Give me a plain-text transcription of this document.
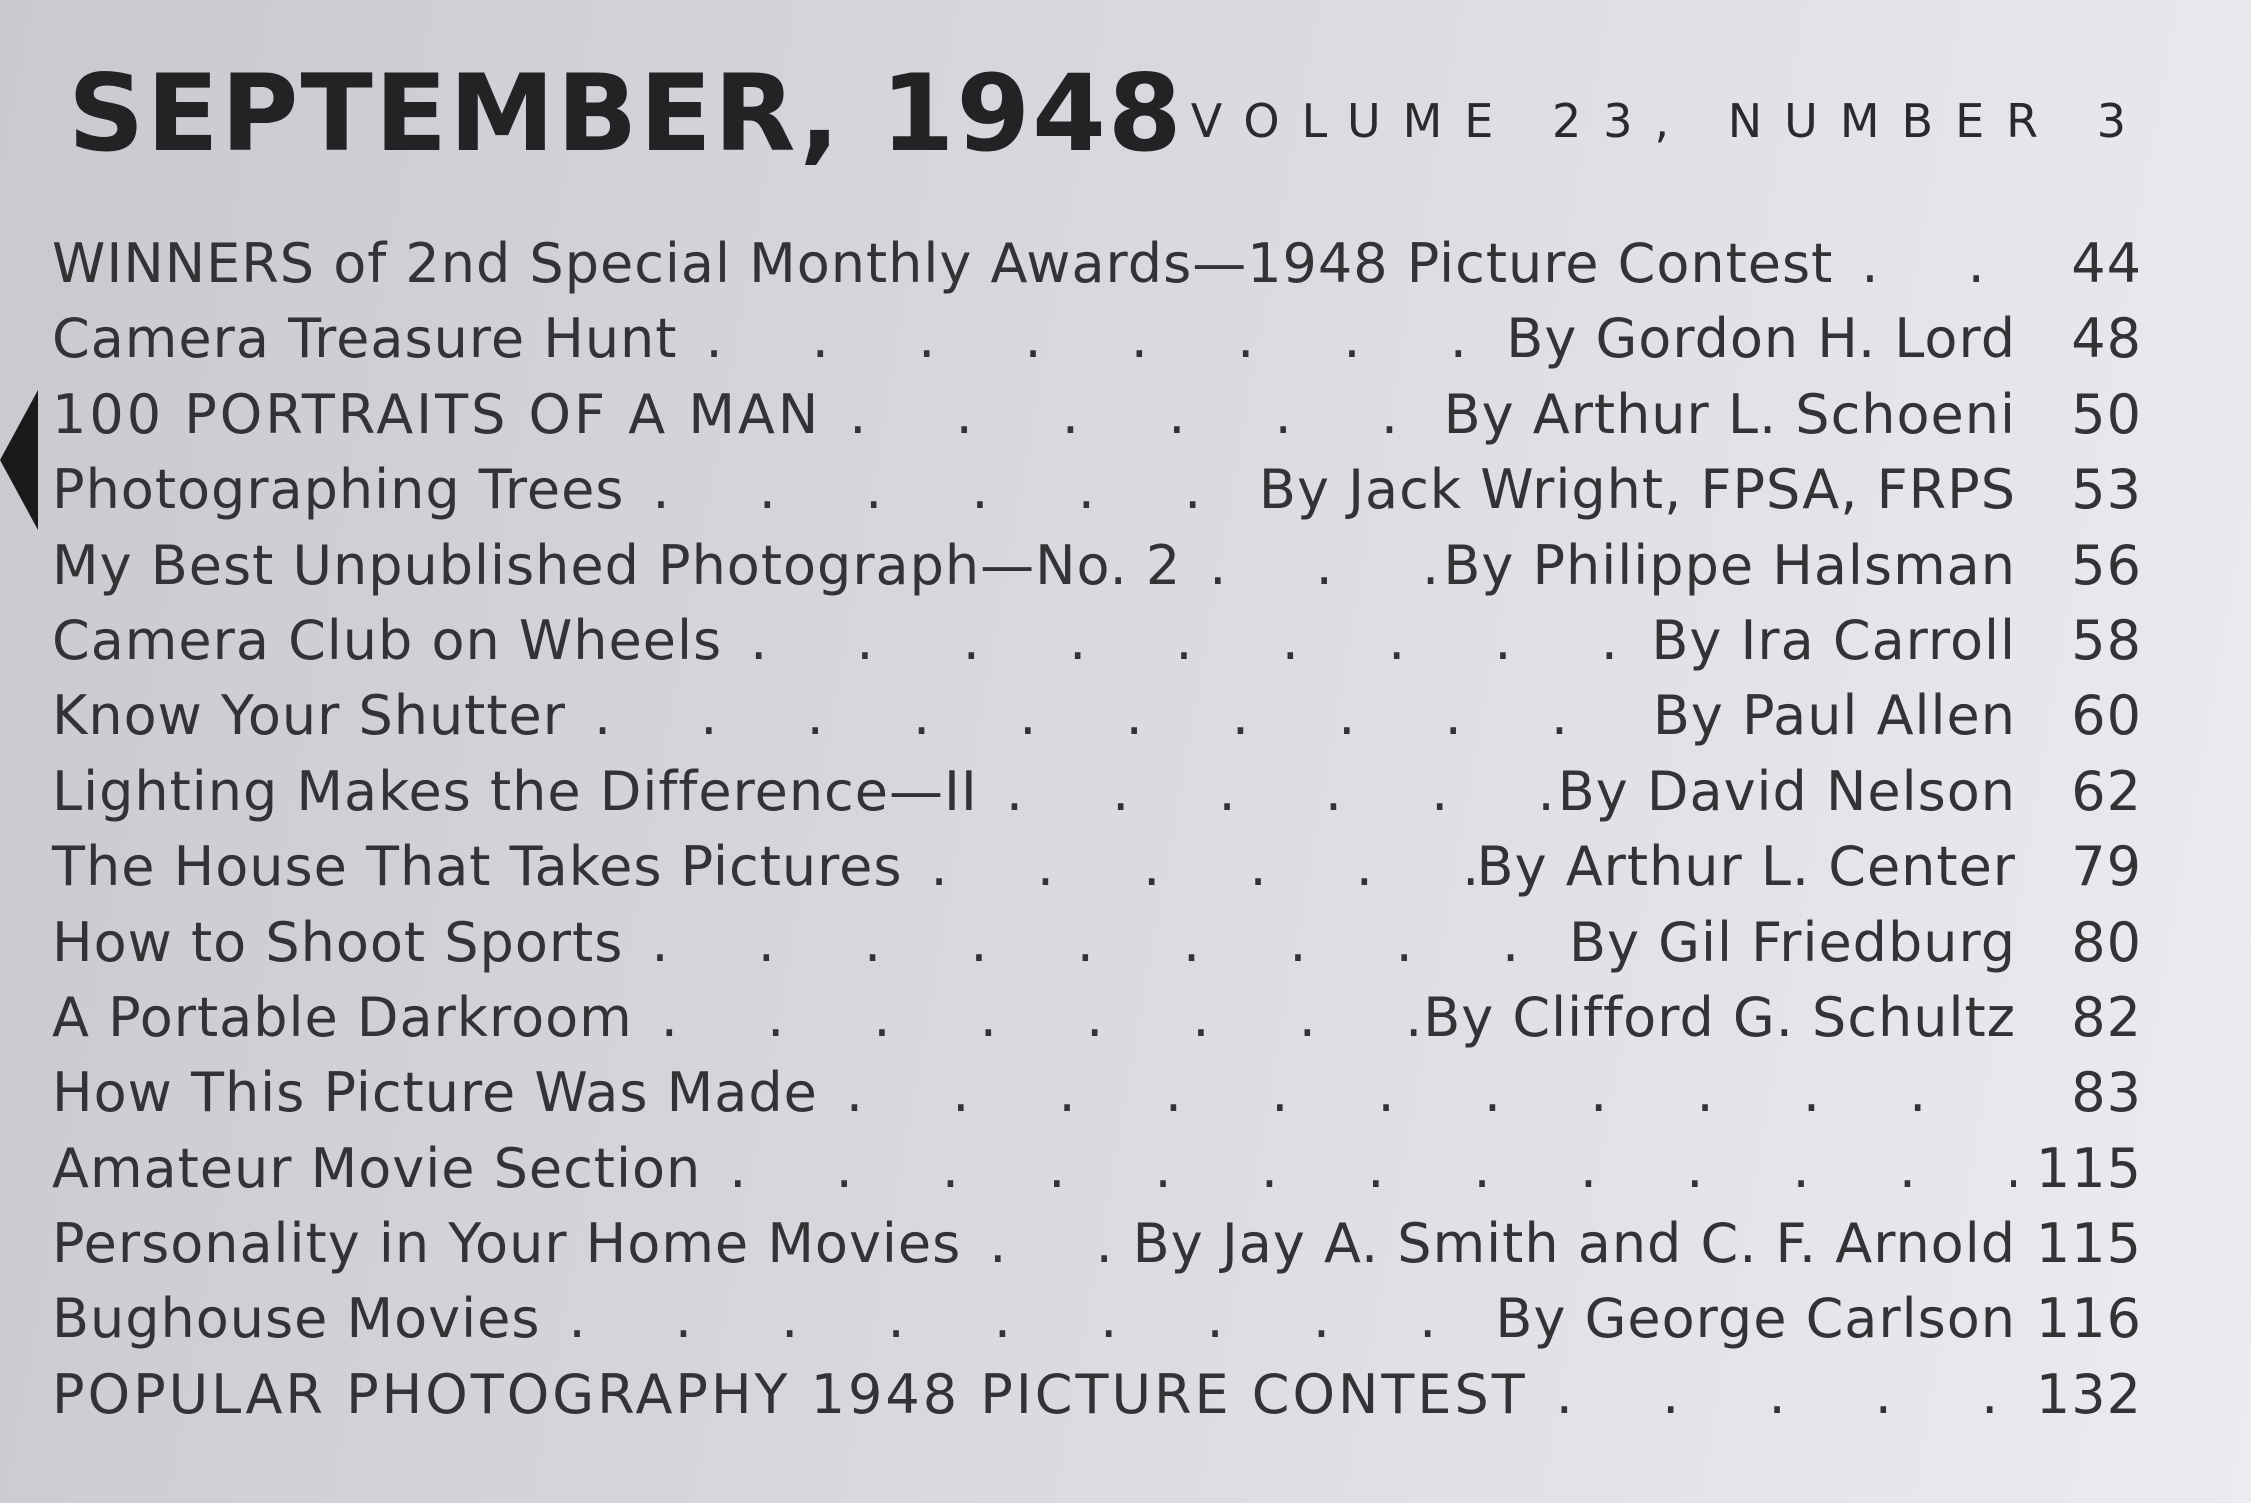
SEPTEMBER, 1948 VOLUME 23, NUMBER 3
WINNERS of 2nd Special Monthly Awards—1948 Picture Contest . . .	44
Camera Treasure Hunt . . .	By Gordon H. Lord	48
100 PORTRAITS OF A MAN . . .	By Arthur L. Schoeni	50
Photographing Trees . . .	By Jack Wright, FPSA, FRPS	53
My Best Unpublished Photograph—No. 2 . . .	By Philippe Halsman	56
Camera Club on Wheels . . .	By Ira Carroll	58
Know Your Shutter . . .	By Paul Allen	60
Lighting Makes the Difference—II . . .	By David Nelson	62
The House That Takes Pictures . . .	By Arthur L. Center	79
How to Shoot Sports . . .	By Gil Friedburg	80
A Portable Darkroom . . .	By Clifford G. Schultz	82
How This Picture Was Made . . .	83
Amateur Movie Section . . .	115
Personality in Your Home Movies . . .	By Jay A. Smith and C. F. Arnold 115
Bughouse Movies . . .	By George Carlson 116
POPULAR PHOTOGRAPHY 1948 PICTURE CONTEST . . .	132
